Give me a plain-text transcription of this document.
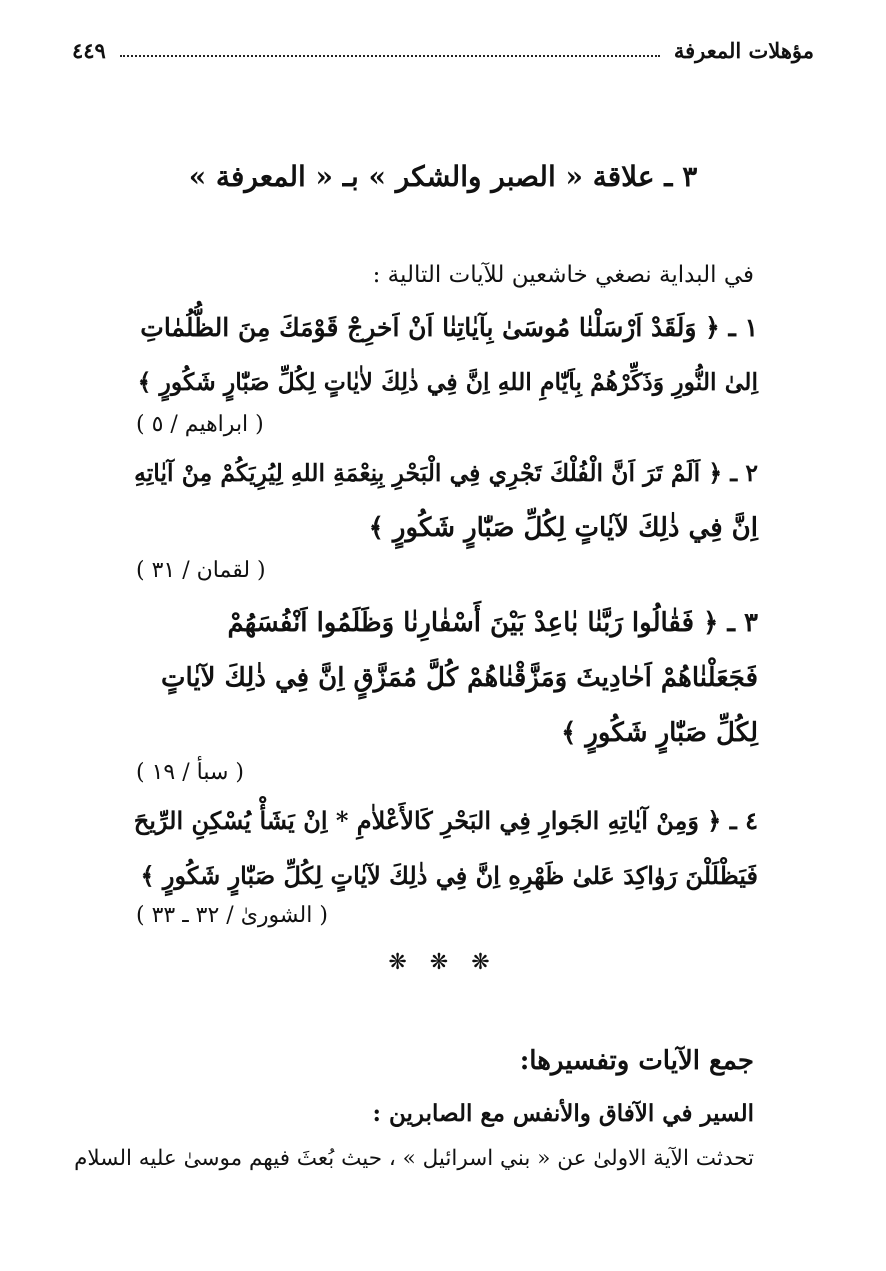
مؤهلات المعرفة
٤٤٩
٣ ـ علاقة « الصبر والشكر » بـ « المعرفة »
في البداية نصغي خاشعين للآيات التالية :
١ ـ ﴿ وَلَقَدْ اَرْسَلْنٰا مُوسَىٰ بِآيٰاتِنٰا اَنْ اَخرِجْ قَوْمَكَ مِنَ الظُّلُمٰاتِ
اِلىٰ النُّورِ وَذَكِّرْهُمْ بِاَيّٰامِ اللهِ اِنَّ فِي ذٰلِكَ لاٰيٰاتٍ لِكُلِّ صَبّٰارٍ شَكُورٍ ﴾
( ابراهيم / ٥ )
٢ ـ ﴿ اَلَمْ تَرَ اَنَّ الْفُلْكَ تَجْرِي فِي الْبَحْرِ بِنِعْمَةِ اللهِ لِيُرِيَكُمْ مِنْ آيٰاتِهِ
اِنَّ فِي ذٰلِكَ لآيٰاتٍ لِكُلِّ صَبّٰارٍ شَكُورٍ ﴾
( لقمان / ٣١ )
٣ ـ ﴿ فَقٰالُوا رَبَّنٰا بٰاعِدْ بَيْنَ أَسْفٰارِنٰا وَظَلَمُوا اَنْفُسَهُمْ
فَجَعَلْنٰاهُمْ اَحٰادِيثَ وَمَزَّقْنٰاهُمْ كُلَّ مُمَزَّقٍ اِنَّ فِي ذٰلِكَ لآيٰاتٍ
لِكُلِّ صَبّٰارٍ شَكُورٍ ﴾
( سبأ / ١٩ )
٤ ـ ﴿ وَمِنْ آيٰاتِهِ الجَوارِ فِي البَحْرِ كَالأَعْلاٰمِ * اِنْ يَشَأْ يُسْكِنِ الرِّيحَ
فَيَظْلَلْنَ رَوٰاكِدَ عَلىٰ ظَهْرِهِ اِنَّ فِي ذٰلِكَ لآيٰاتٍ لِكُلِّ صَبّٰارٍ شَكُورٍ ﴾
( الشورىٰ / ٣٢ ـ ٣٣ )
❋ ❋ ❋
جمع الآيات وتفسيرها:
السير في الآفاق والأنفس مع الصابرين :
تحدثت الآية الاولىٰ عن « بني اسرائيل » ، حيث بُعثَ فيهم موسىٰ عليه السلام
